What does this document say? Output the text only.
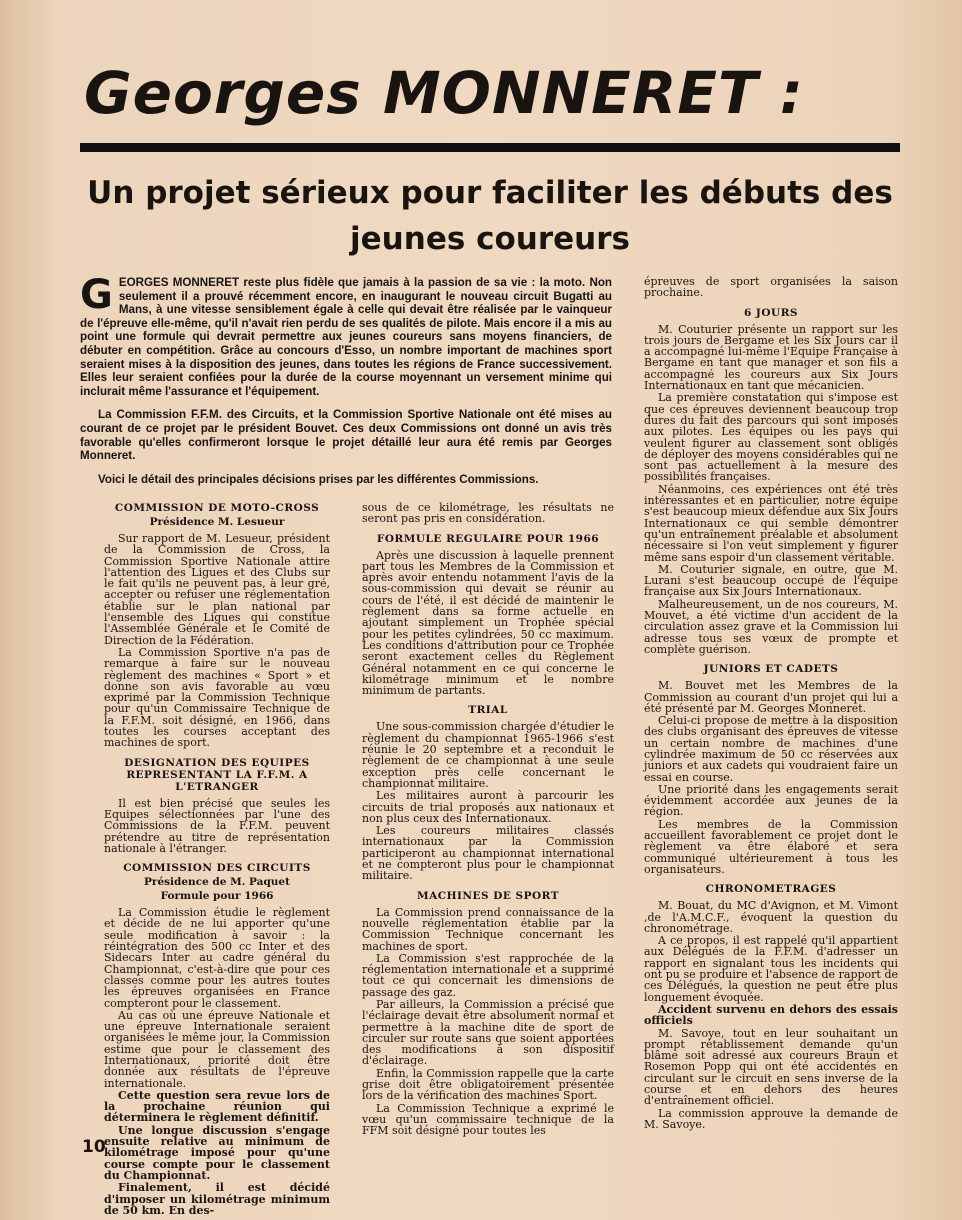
Georges MONNERET :
Un projet sérieux pour faciliter les débuts des jeunes coureurs

GEORGES MONNERET reste plus fidèle que jamais à la passion de sa vie : la moto. Non seulement il a prouvé récemment encore, en inaugurant le nouveau circuit Bugatti au Mans, à une vitesse sensiblement égale à celle qui devait être réalisée par le vainqueur de l'épreuve elle-même, qu'il n'avait rien perdu de ses qualités de pilote. Mais encore il a mis au point une formule qui devrait permettre aux jeunes coureurs sans moyens financiers, de débuter en compétition. Grâce au concours d'Esso, un nombre important de machines sport seraient mises à la disposition des jeunes, dans toutes les régions de France successivement. Elles leur seraient confiées pour la durée de la course moyennant un versement minime qui inclurait même l'assurance et l'équipement.

La Commission F.F.M. des Circuits, et la Commission Sportive Nationale ont été mises au courant de ce projet par le président Bouvet. Ces deux Commissions ont donné un avis très favorable qu'elles confirmeront lorsque le projet détaillé leur aura été remis par Georges Monneret.

Voici le détail des principales décisions prises par les différentes Commissions.

COMMISSION DE MOTO-CROSS
Présidence M. Lesueur

Sur rapport de M. Lesueur, président de la Commission de Cross, la Commission Sportive Nationale attire l'attention des Ligues et des Clubs sur le fait qu'ils ne peuvent pas, à leur gré, accepter ou refuser une réglementation établie sur le plan national par l'ensemble des Ligues qui constitue l'Assemblée Générale et le Comité de Direction de la Fédération.

La Commission Sportive n'a pas de remarque à faire sur le nouveau règlement des machines « Sport » et donne son avis favorable au vœu exprimé par la Commission Technique pour qu'un Commissaire Technique de la F.F.M. soit désigné, en 1966, dans toutes les courses acceptant des machines de sport.

DESIGNATION DES EQUIPES REPRESENTANT LA F.F.M. A L'ETRANGER

Il est bien précisé que seules les Equipes sélectionnées par l'une des Commissions de la F.F.M. peuvent prétendre au titre de représentation nationale à l'étranger.

COMMISSION DES CIRCUITS
Présidence de M. Paquet
Formule pour 1966

La Commission étudie le règlement et décide de ne lui apporter qu'une seule modification à savoir : la réintégration des 500 cc Inter et des Sidecars Inter au cadre général du Championnat, c'est-à-dire que pour ces classes comme pour les autres toutes les épreuves organisées en France compteront pour le classement.

Au cas où une épreuve Nationale et une épreuve Internationale seraient organisées le même jour, la Commission estime que pour le classement des Internationaux, priorité doit être donnée aux résultats de l'épreuve internationale.

Cette question sera revue lors de la prochaine réunion qui déterminera le règlement définitif.

Une longue discussion s'engage ensuite relative au minimum de kilométrage imposé pour qu'une course compte pour le classement du Championnat.

Finalement, il est décidé d'imposer un kilométrage minimum de 50 km. En des-

sous de ce kilométrage, les résultats ne seront pas pris en considération.

FORMULE REGULAIRE POUR 1966

Après une discussion à laquelle prennent part tous les Membres de la Commission et après avoir entendu notamment l'avis de la sous-commission qui devait se réunir au cours de l'été, il est décidé de maintenir le règlement dans sa forme actuelle en ajoutant simplement un Trophée spécial pour les petites cylindrées, 50 cc maximum. Les conditions d'attribution pour ce Trophée seront exactement celles du Règlement Général notamment en ce qui concerne le kilométrage minimum et le nombre minimum de partants.

TRIAL

Une sous-commission chargée d'étudier le règlement du championnat 1965-1966 s'est réunie le 20 septembre et a reconduit le règlement de ce championnat à une seule exception près celle concernant le championnat militaire.

Les militaires auront à parcourir les circuits de trial proposés aux nationaux et non plus ceux des Internationaux.

Les coureurs militaires classés internationaux par la Commission participeront au championnat international et ne compteront plus pour le championnat militaire.

MACHINES DE SPORT

La Commission prend connaissance de la nouvelle réglementation établie par la Commission Technique concernant les machines de sport.

La Commission s'est rapprochée de la réglementation internationale et a supprimé tout ce qui concernait les dimensions de passage des gaz.

Par ailleurs, la Commission a précisé que l'éclairage devait être absolument normal et permettre à la machine dite de sport de circuler sur route sans que soient apportées des modifications à son dispositif d'éclairage.

Enfin, la Commission rappelle que la carte grise doit être obligatoirement présentée lors de la vérification des machines Sport.

La Commission Technique a exprimé le vœu qu'un commissaire technique de la FFM soit désigné pour toutes les

épreuves de sport organisées la saison prochaine.

6 JOURS

M. Couturier présente un rapport sur les trois jours de Bergame et les Six Jours car il a accompagné lui-même l'Equipe Française à Bergame en tant que manager et son fils a accompagné les coureurs aux Six Jours Internationaux en tant que mécanicien.

La première constatation qui s'impose est que ces épreuves deviennent beaucoup trop dures du fait des parcours qui sont imposés aux pilotes. Les équipes ou les pays qui veulent figurer au classement sont obligés de déployer des moyens considérables qui ne sont pas actuellement à la mesure des possibilités françaises.

Néanmoins, ces expériences ont été très intéressantes et en particulier, notre équipe s'est beaucoup mieux défendue aux Six Jours Internationaux ce qui semble démontrer qu'un entraînement préalable et absolument nécessaire si l'on veut simplement y figurer même sans espoir d'un classement véritable.

M. Couturier signale, en outre, que M. Lurani s'est beaucoup occupé de l'équipe française aux Six Jours Internationaux.

Malheureusement, un de nos coureurs, M. Mouvet, a été victime d'un accident de la circulation assez grave et la Commission lui adresse tous ses vœux de prompte et complète guérison.

JUNIORS ET CADETS

M. Bouvet met les Membres de la Commission au courant d'un projet qui lui a été présenté par M. Georges Monneret.

Celui-ci propose de mettre à la disposition des clubs organisant des épreuves de vitesse un certain nombre de machines d'une cylindrée maximum de 50 cc réservées aux juniors et aux cadets qui voudraient faire un essai en course.

Une priorité dans les engagements serait évidemment accordée aux jeunes de la région.

Les membres de la Commission accueillent favorablement ce projet dont le règlement va être élaboré et sera communiqué ultérieurement à tous les organisateurs.

CHRONOMETRAGES

M. Bouat, du MC d'Avignon, et M. Vimont ,de l'A.M.C.F., évoquent la question du chronométrage.

A ce propos, il est rappelé qu'il appartient aux Délégués de la F.F.M. d'adresser un rapport en signalant tous les incidents qui ont pu se produire et l'absence de rapport de ces Délégués, la question ne peut être plus longuement évoquée.

Accident survenu en dehors des essais officiels

M. Savoye, tout en leur souhaitant un prompt rétablissement demande qu'un blâme soit adressé aux coureurs Braun et Rosemon Popp qui ont été accidentés en circulant sur le circuit en sens inverse de la course et en dehors des heures d'entraînement officiel.

La commission approuve la demande de M. Savoye.

10
